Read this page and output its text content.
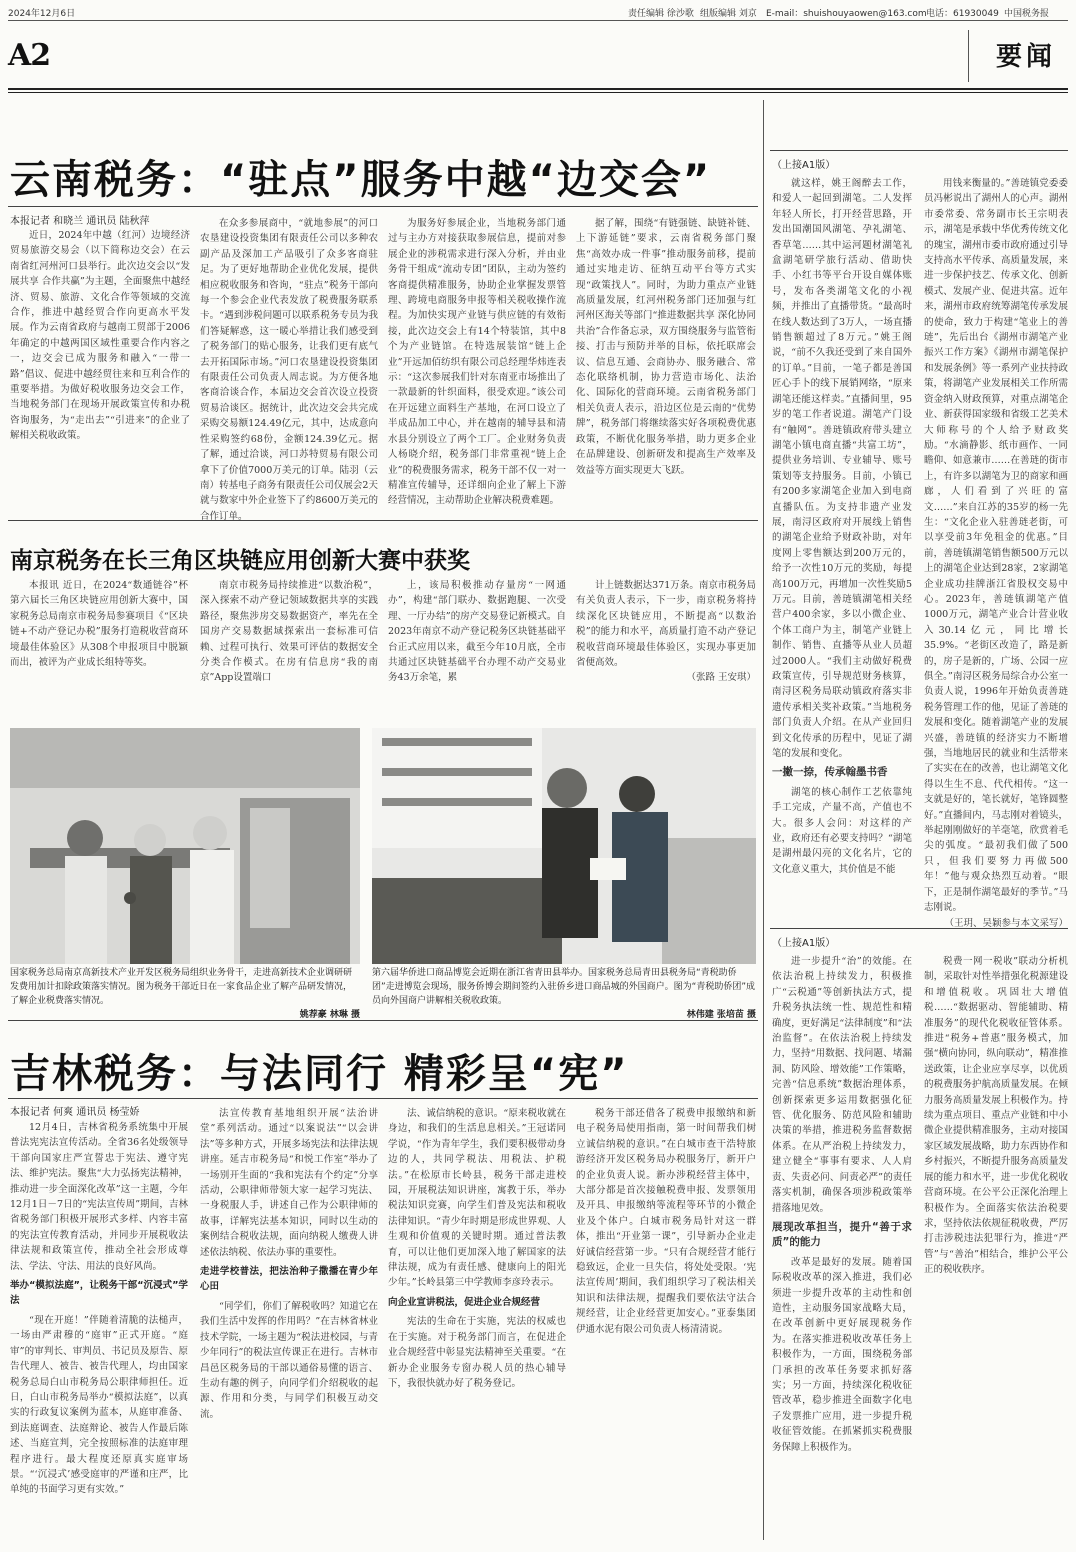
2024年12月6日	责任编辑 徐沙歌 组版编辑 刘京 E-mail：shuishouyaowen@163.com 电话：61930049 中国税务报
A2	要闻
云南税务：“驻点”服务中越“边交会”
本报记者 和晓兰 通讯员 陆秋萍

近日，2024年中越（红河）边境经济贸易旅游交易会（以下简称边交会）在云南省红河州河口县举行。此次边交会以“发展共享 合作共赢”为主题，全面聚焦中越经济、贸易、旅游、文化合作等领域的交流合作，推进中越经贸合作向更高水平发展。作为云南省政府与越南工贸部于2006年确定的中越两国区域性重要合作内容之一，边交会已成为服务和融入“一带一路”倡议、促进中越经贸往来和互利合作的重要举措。为做好税收服务边交会工作，当地税务部门在现场开展政策宣传和办税咨询服务，为“走出去”“引进来”的企业了解相关税收政策。

在众多参展商中，“就地参展”的河口农垦建设投资集团有限责任公司以多种农副产品及深加工产品吸引了众多客商驻足。为了更好地帮助企业优化发展，提供相应税收服务和咨询，“驻点”税务干部向每一个参会企业代表发放了税费服务联系卡。“遇到涉税问题可以联系税务专员为我们答疑解惑，这一暖心举措让我们感受到了税务部门的贴心服务，让我们更有底气去开拓国际市场。”河口农垦建设投资集团有限责任公司负责人周志说。为方便各地客商洽谈合作，本届边交会首次设立投资贸易洽谈区。据统计，此次边交会共完成采购交易额124.49亿元，其中，达成意向性采购签约68份，金额124.39亿元。据了解，通过洽谈，河口苏特贸易有限公司拿下了价值7000万美元的订单。陆羽（云南）转基电子商务有限责任公司仅展会2天就与数家中外企业签下了约8600万美元的合作订单。

为服务好参展企业，当地税务部门通过与主办方对接获取参展信息，提前对参展企业的涉税需求进行深入分析，并由业务骨干组成“流动专团”团队，主动为签约客商提供精准服务，协助企业掌握发票管理、跨境电商服务申报等相关税收操作流程。为加快实现产业链与供应链的有效衔接，此次边交会上有14个特装馆，其中8个为产业链馆。在特选展装馆“链上企业”开远加佰纺织有限公司总经理华炜连表示：“这次参展我们针对东南亚市场推出了一款最新的针织面料，很受欢迎。”该公司在开远建立面料生产基地，在河口设立了半成品加工中心，并在越南的辅导县和清水县分别设立了两个工厂。企业财务负责人杨晓介绍，税务部门非常重视“链上企业”的税费服务需求，税务干部不仅一对一精准宣传辅导，还详细向企业了解上下游经营情况，主动帮助企业解决税费难题。

据了解，围绕“有链强链、缺链补链、上下游延链”要求，云南省税务部门聚焦“高效办成一件事”推动服务前移，提前通过实地走访、征纳互动平台等方式实现“政策找人”。同时，为助力重点产业链高质量发展，红河州税务部门还加强与红河州区海关等部门“推进数据共享 深化协同共治”合作备忘录，双方围绕服务与监管衔接、打击与预防并举的目标，依托联席会议、信息互通、会商协办、服务融合、常态化联络机制，协力营造市场化、法治化、国际化的营商环境。云南省税务部门相关负责人表示，沿边区位是云南的“优势牌”，税务部门将继续落实好各项税费优惠政策，不断优化服务举措，助力更多企业在品牌建设、创新研发和提高生产效率及效益等方面实现更大飞跃。

南京税务在长三角区块链应用创新大赛中获奖

本报讯 近日，在2024“数通链谷”杯第六届长三角区块链应用创新大赛中，国家税务总局南京市税务局参赛项目《“区块链+不动产登记办税”服务打造税收营商环境最佳体验区》从308个申报项目中脱颖而出，被评为产业成长组特等奖。

南京市税务局持续推进“以数治税”，深入探索不动产登记领域数据共享的实践路径，聚焦涉房交易数据资产，率先在全国房产交易数据域探索出一套标准可信赖、过程可执行、效果可评估的数据安全分类合作模式。在房有信息房“我的南京”App设置端口

上，该局积极推动存量房“一网通办”，构建“部门联办、数据跑腿、一次受理、一厅办结”的房产交易登记新模式。自2023年南京不动产登记税务区块链基础平台正式应用以来，截至今年10月底，全市共通过区块链基础平台办理不动产交易业务43万余笔，累

计上链数据达371万条。南京市税务局有关负责人表示，下一步，南京税务将持续深化区块链应用，不断提高“以数治税”的能力和水平，高质量打造不动产登记税收营商环境最佳体验区，实现办事更加省便高效。

（张路 王安琪）

国家税务总局南京高新技术产业开发区税务局组织业务骨干，走进高新技术企业调研研发费用加计扣除政策落实情况。图为税务干部近日在一家食品企业了解产品研发情况，了解企业税费落实情况。
姚荐豪 林琳 摄
第六届华侨进口商品博览会近期在浙江省青田县举办。国家税务总局青田县税务局“青税助侨团”走进博览会现场，服务侨博会期间签约入驻侨乡进口商品城的外国商户。图为“青税助侨团”成员向外国商户讲解相关税收政策。
林伟建 张培苗 摄
吉林税务：与法同行 精彩呈“宪”
本报记者 何爽 通讯员 杨莹娇

12月4日，吉林省税务系统集中开展普法宪宪法宣传活动。全省36名处级领导干部向国家庄严宣誓忠于宪法、遵守宪法、维护宪法。聚焦“大力弘扬宪法精神，推动进一步全面深化改革”这一主题，今年12月1日－7日的“宪法宣传周”期间，吉林省税务部门积极开展形式多样、内容丰富的宪法宣传教育活动，并同步开展税收法律法规和政策宣传，推动全社会形成尊法、学法、守法、用法的良好风尚。

举办“模拟法庭”，让税务干部“沉浸式”学法

“现在开庭！”伴随着清脆的法槌声，一场由严肃穆的“庭审”正式开庭。“庭审”的审判长、审判员、书记员及原告、原告代理人、被告、被告代理人，均由国家税务总局白山市税务局公职律师担任。近日，白山市税务局举办“模拟法庭”，以真实的行政复议案例为蓝本，从庭审准备、到法庭调查、法庭辩论、被告人作最后陈述、当庭宣判，完全按照标准的法庭审理程序进行。最大程度还原真实庭审场景。“‘沉浸式’感受庭审的严谨和庄严，比单纯的书面学习更有实效。”

法宣传教育基地组织开展“法治讲堂”系列活动。通过“以案说法”“以会讲法”等多种方式，开展多场宪法和法律法规讲座。延吉市税务局“和悦工作室”举办了一场别开生面的“我和宪法有个约定”分享活动，公职律师带领大家一起学习宪法、一身税服人手，讲述自己作为公职律师的故事，详解宪法基本知识，同时以生动的案例结合税收法规，面向纳税人缴费人讲述依法纳税、依法办事的重要性。

走进学校普法，把法治种子撒播在青少年心田

“同学们，你们了解税收吗？知道它在我们生活中发挥的作用吗？”在吉林省林业技术学院，一场主题为“税法进校园，与青少年同行”的税法宣传课正在进行。吉林市昌邑区税务局的干部以通俗易懂的语言、生动有趣的例子，向同学们介绍税收的起源、作用和分类，与同学们积极互动交流。

法、诚信纳税的意识。“原来税收就在身边，和我们的生活息息相关。”王冠诺同学说，“作为青年学生，我们要积极带动身边的人，共同学税法、用税法、护税法。”在松原市长岭县，税务干部走进校园，开展税法知识讲座，寓教于乐，举办税法知识竞赛，向学生们普及宪法和税收法律知识。“青少年时期是形成世界观、人生观和价值观的关键时期。通过普法教育，可以让他们更加深入地了解国家的法律法规，成为有责任感、健康向上的阳光少年。”长岭县第三中学教师李彦玲表示。

向企业宣讲税法，促进企业合规经营

宪法的生命在于实施，宪法的权威也在于实施。对于税务部门而言，在促进企业合规经营中彰显宪法精神至关重要。“在新办企业服务专窗办税人员的热心辅导下，我很快就办好了税务登记。

税务干部还借各了税费申报缴纳和新电子税务局使用指南，第一时间帮我们树立诚信纳税的意识。”在白城市查干浩特旅游经济开发区税务局办税服务厅，新开户的企业负责人说。新办涉税经营主体中，大部分都是首次接触税费申报、发票领用及开具、申报缴纳等流程等环节的小微企业及个体户。白城市税务局针对这一群体，推出“开业第一课”，引导新办企业走好诚信经营第一步。“只有合规经营才能行稳致远，企业一旦失信，将处处受限。‘宪法宣传周’期间，我们组织学习了税法相关知识和法律法规，提醒我们要依法守法合规经营，让企业经营更加安心。”亚泰集团伊通水泥有限公司负责人杨清清说。

（上接A1版）

就这样，姚王阁醉去工作，和爱人一起回到湖笔。二人发挥年轻人所长，打开经营思路，开发出国潮国风湖笔、孕礼湖笔、香草笔……其中运河题材湖笔礼盒湖笔研学旅行活动、借助快手、小红书等平台开设自媒体账号，发布各类湖笔文化的小视频，并推出了直播带货。“最高时在线人数达到了3万人，一场直播销售额超过了8万元。”姚王阁说，“前不久我还受到了来自国外的订单。”目前，一笔子都是善国匠心手卜的线下展销网络，“原来湖笔还能这样卖。”直播间里，95岁的笔工作者说道。湖笔产门设有“触网”。善琏镇政府带头建立湖笔小镇电商直播“共富工坊”，提供业务培训、专业辅导、账号策划等支持服务。目前，小镇已有200多家湖笔企业加入到电商直播队伍。为支持非遗产业发展，南浔区政府对开展线上销售的湖笔企业给予财政补助，对年度网上零售额达到200万元的，给予一次性10万元的奖励，每提高100万元，再增加一次性奖励5万元。目前，善琏镇湖笔相关经营户400余家，多以小微企业、个体工商户为主，制笔产业链上制作、销售、直播等从业人员超过2000人。“我们主动做好税费政策宣传，引导规范财务核算，南浔区税务局联动镇政府落实非遗传承相关奖补政策。”当地税务部门负责人介绍。在从产业回归到文化传承的历程中，见证了湖笔的发展和变化。

一撇一捺，传承翰墨书香

湖笔的核心制作工艺依靠纯手工完成，产量不高，产值也不大。很多人会问：对这样的产业，政府还有必要支持吗？“湖笔是湖州最闪亮的文化名片，它的文化意义重大，其价值是不能

用钱来衡量的。”善琏镇党委委员冯彬说出了湖州人的心声。湖州市委常委、常务副市长王宗明表示，湖笔是承载中华优秀传统文化的瑰宝，湖州市委市政府通过引导支持高水平传承、高质量发展，来进一步保护技艺、传承文化、创新模式、发展产业、促进共富。近年来，湖州市政府统筹湖笔传承发展的使命，致力于构建“笔业上的善琏”，先后出台《湖州市湖笔产业振兴工作方案》《湖州市湖笔保护和发展条例》等一系列产业扶持政策，将湖笔产业发展相关工作所需资金纳入财政预算，对重点湖笔企业、新获得国家级和省级工艺美术大师称号的个人给予财政奖励。“水滴静影、纸市画作、一同瞻仰、如意兼市……在善琏的街市上，有许多以湖笔为卫的商家和画廊，人们看到了兴旺的富文……”来自江苏的35岁的杨一先生：“文化企业入驻善琏老街，可以享受前3年免租金的优惠。”目前，善琏镇湖笔销售额500万元以上的湖笔企业达到28家，2家湖笔企业成功挂牌浙江省股权交易中心。2023年，善琏镇湖笔产值1000万元，湖笔产业合计营业收入30.14亿元，同比增长35.9%。“老街区改造了，路是新的，房子是新的，广场、公园一应俱全。”南浔区税务局综合办公室一负责人说，1996年开始负责善琏税务管理工作的他，见证了善琏的发展和变化。随着湖笔产业的发展兴盛，善琏镇的经济实力不断增强，当地地居民的就业和生活带来了实实在在的改善，也让湖笔文化得以生生不息、代代相传。“这一支就是好的，笔长就好，笔锋圆整好。”直播间内，马志刚对着镜头，举起刚刚做好的羊毫笔，欣赏着毛尖的弧度。“最初我们做了500只，但我们要努力再做500年！”他与观众热烈互动着。“眼下，正是制作湖笔最好的季节。”马志刚说。

（王玥、吴颖参与本文采写）

（上接A1版）

进一步提升“治”的效能。在依法治税上持续发力，积极推广“云税通”等创新执法方式，提升税务执法统一性、规范性和精确度，更好满足“法律制度”和“法治监督”。在依法治税上持续发力，坚持“用数据、找问题、堵漏洞、防风险、增效能”工作策略，完善“信息系统”数据治理体系，创新探索更多运用数据强化征管、优化服务、防范风险和辅助决策的举措，推进税务监督数据体系。在从严治税上持续发力，建立健全“事事有要求、人人肩责、失责必问、问责必严”的责任落实机制，确保各项涉税政策举措落地见效。

展现改革担当，提升“善于求质”的能力

改革是最好的发展。随着国际税收改革的深入推进，我们必须进一步提升改革的主动性和创造性，主动服务国家战略大局，在改革创新中更好展现税务作为。在落实推进税收改革任务上积极作为，一方面，围绕税务部门承担的改革任务要求抓好落实；另一方面，持续深化税收征管改革，稳步推进全面数字化电子发票推广应用，进一步提升税收征管效能。在抓紧抓实税费服务保障上积极作为。

税费一网一税收”联动分析机制，采取针对性举措强化税源建设和增值税收。巩固壮大增值税……“数据驱动、智能辅助、精准服务”的现代化税收征管体系。推进“税务+普惠”服务模式，加强“横向协同，纵向联动”，精准推送政策，让企业应享尽享，以优质的税费服务护航高质量发展。在倾力服务高质量发展上积极作为。持续为重点项目、重点产业链和中小微企业提供精准服务，主动对接国家区域发展战略，助力东西协作和乡村振兴，不断提升服务高质量发展的能力和水平，进一步优化税收营商环境。在公平公正深化治理上积极作为。全面落实依法治税要求，坚持依法依规征税收费，严厉打击涉税违法犯罪行为，推进“严管”与“善治”相结合，维护公平公正的税收秩序。
